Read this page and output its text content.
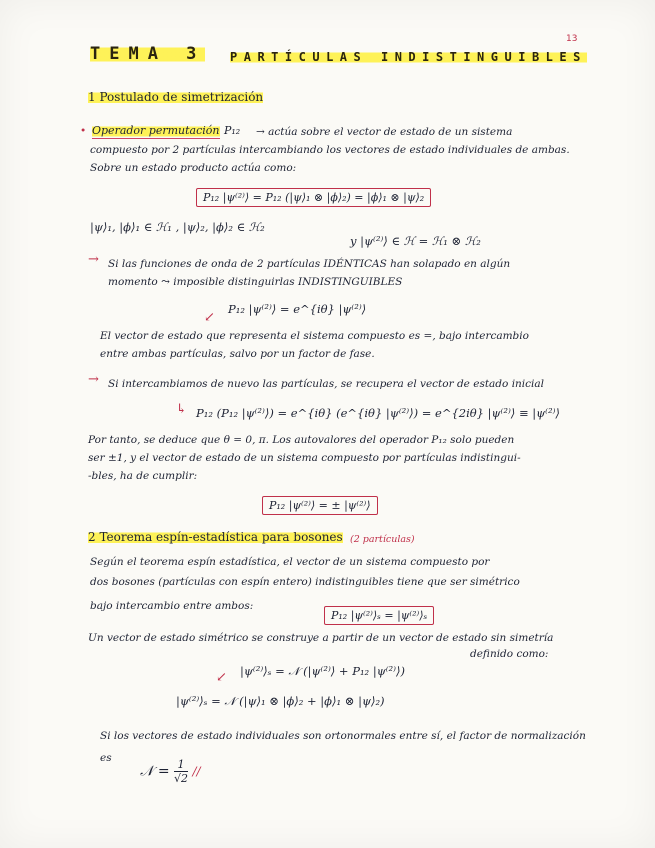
13
TEMA 3 PARTÍCULAS INDISTINGUIBLES
1 Postulado de simetrización
• Operador permutación P₁₂ → actúa sobre el vector de estado de un sistema
compuesto por 2 partículas intercambiando los vectores de estado individuales de ambas.
Sobre un estado producto actúa como:
P₁₂ |ψ⁽²⁾⟩ = P₁₂ (|ψ⟩₁ ⊗ |ϕ⟩₂) = |ϕ⟩₁ ⊗ |ψ⟩₂
|ψ⟩₁, |ϕ⟩₁ ∈ ℋ₁ , |ψ⟩₂, |ϕ⟩₂ ∈ ℋ₂
y |ψ⁽²⁾⟩ ∈ ℋ = ℋ₁ ⊗ ℋ₂
→ Si las funciones de onda de 2 partículas IDÉNTICAS han solapado en algún
momento ⤳ imposible distinguirlas INDISTINGUIBLES
↙
P₁₂ |ψ⁽²⁾⟩ = e^{iθ} |ψ⁽²⁾⟩
El vector de estado que representa el sistema compuesto es =, bajo intercambio
entre ambas partículas, salvo por un factor de fase.
→ Si intercambiamos de nuevo las partículas, se recupera el vector de estado inicial
↳ P₁₂ (P₁₂ |ψ⁽²⁾⟩) = e^{iθ} (e^{iθ} |ψ⁽²⁾⟩) = e^{2iθ} |ψ⁽²⁾⟩ ≡ |ψ⁽²⁾⟩
Por tanto, se deduce que θ = 0, π. Los autovalores del operador P₁₂ solo pueden
ser ±1, y el vector de estado de un sistema compuesto por partículas indistingui-
-bles, ha de cumplir:
P₁₂ |ψ⁽²⁾⟩ = ± |ψ⁽²⁾⟩
2 Teorema espín-estadística para bosones (2 partículas)
Según el teorema espín estadística, el vector de un sistema compuesto por
dos bosones (partículas con espín entero) indistinguibles tiene que ser simétrico
bajo intercambio entre ambos:
P₁₂ |ψ⁽²⁾⟩ₛ = |ψ⁽²⁾⟩ₛ
Un vector de estado simétrico se construye a partir de un vector de estado sin simetría
definido como:
↙ |ψ⁽²⁾⟩ₛ = 𝒩 (|ψ⁽²⁾⟩ + P₁₂ |ψ⁽²⁾⟩)
|ψ⁽²⁾⟩ₛ = 𝒩 (|ψ⟩₁ ⊗ |ϕ⟩₂ + |ϕ⟩₁ ⊗ |ψ⟩₂)
Si los vectores de estado individuales son ortonormales entre sí, el factor de normalización
es
𝒩 = $\frac{1}{√2}$ //
